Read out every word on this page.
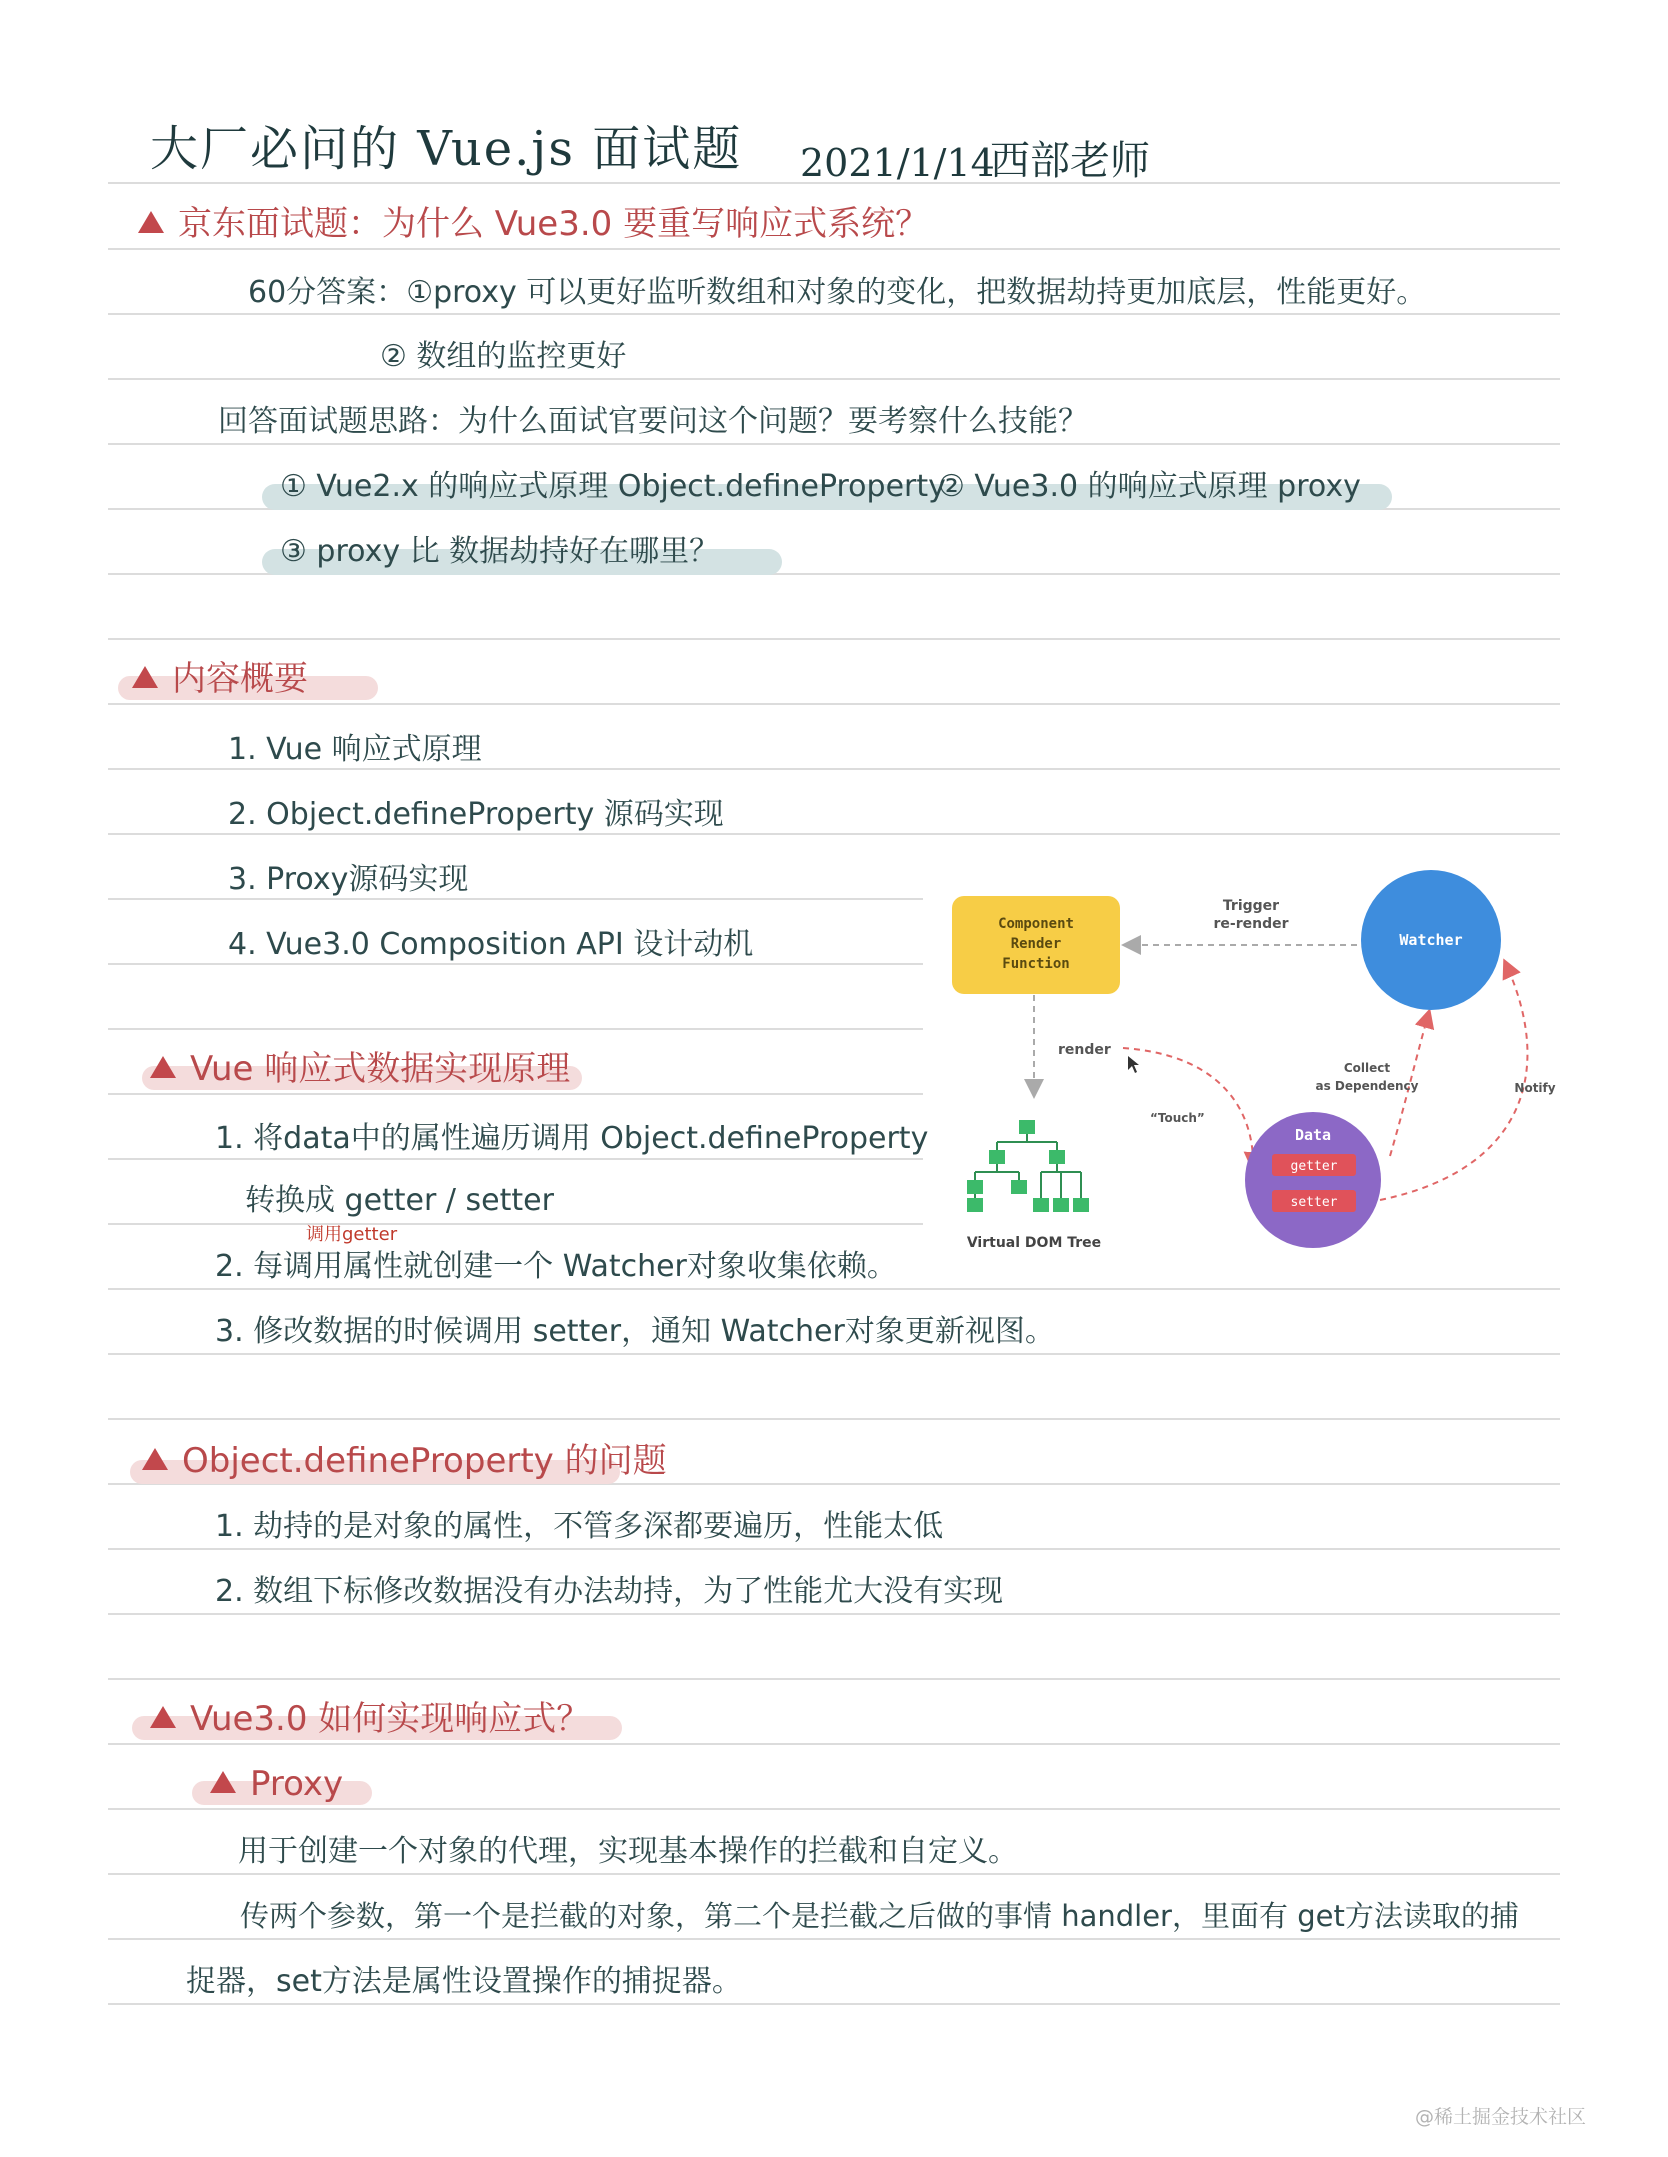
大厂必问的 Vue.js 面试题 2021/1/14
西部老师
京东面试题：为什么 Vue3.0 要重写响应式系统？
60分答案：①proxy 可以更好监听数组和对象的变化，把数据劫持更加底层，性能更好。
② 数组的监控更好
回答面试题思路：为什么面试官要问这个问题？要考察什么技能？
① Vue2.x 的响应式原理 Object.defineProperty
② Vue3.0 的响应式原理 proxy
③ proxy 比 数据劫持好在哪里？
内容概要
1. Vue 响应式原理
2. Object.defineProperty 源码实现
3. Proxy源码实现
4. Vue3.0 Composition API 设计动机
Vue 响应式数据实现原理
1. 将data中的属性遍历调用 Object.defineProperty
转换成 getter / setter
调用getter
2. 每调用属性就创建一个 Watcher对象收集依赖。
3. 修改数据的时候调用 setter，通知 Watcher对象更新视图。
Component
Render
Function
Trigger
re-render
render
“Touch”
Collect
as Dependency	Notify
Watcher
Data
getter
setter
Virtual DOM Tree
Object.defineProperty 的问题
1. 劫持的是对象的属性，不管多深都要遍历，性能太低
2. 数组下标修改数据没有办法劫持，为了性能尤大没有实现
Vue3.0 如何实现响应式？
Proxy
用于创建一个对象的代理，实现基本操作的拦截和自定义。
传两个参数，第一个是拦截的对象，第二个是拦截之后做的事情 handler，里面有 get方法读取的捕
捉器，set方法是属性设置操作的捕捉器。
@稀土掘金技术社区
